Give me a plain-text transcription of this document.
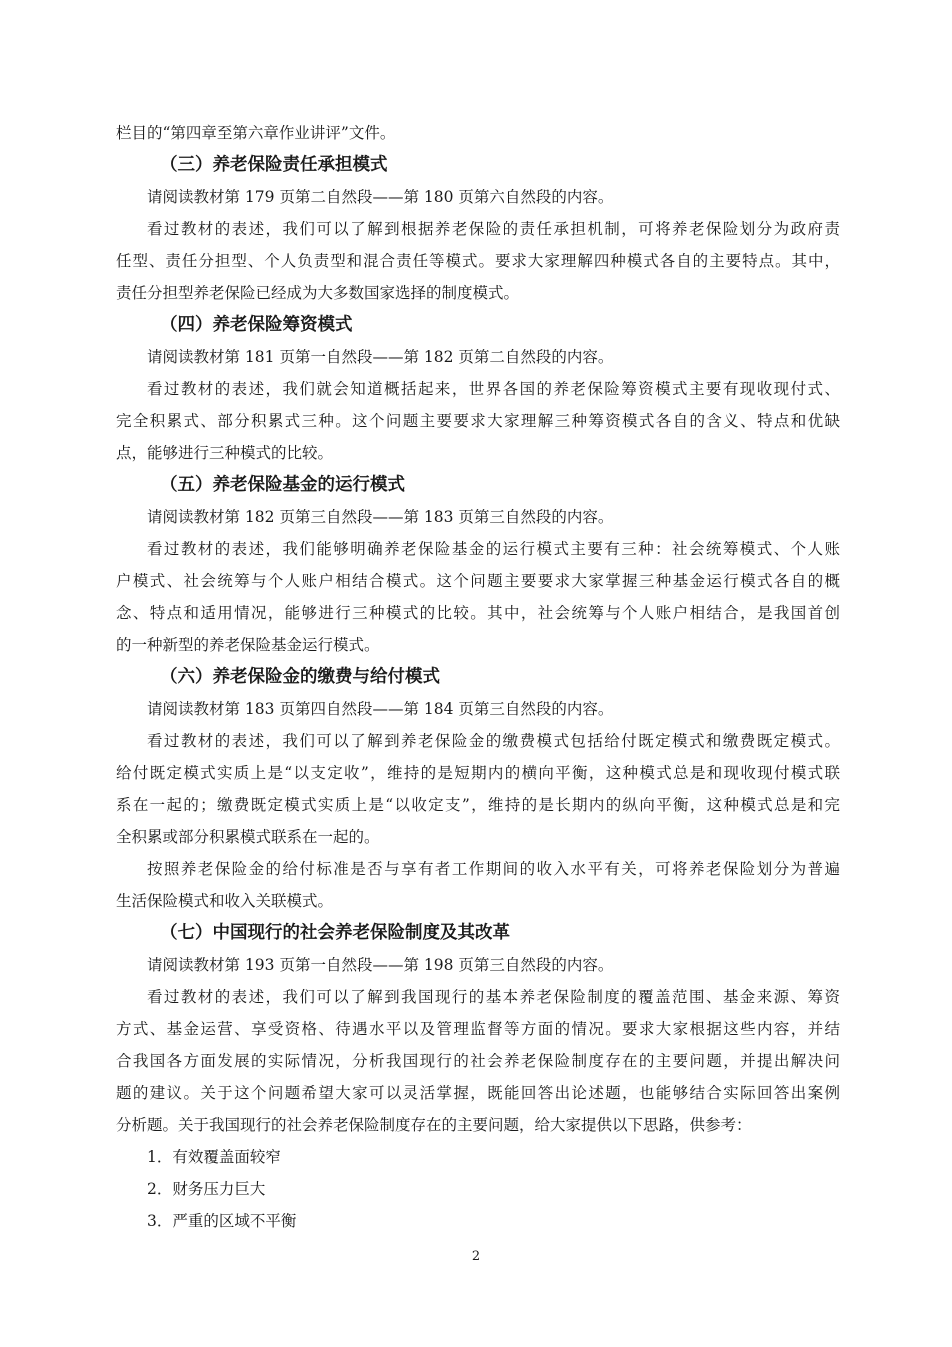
栏目的“第四章至第六章作业讲评”文件。
（三）养老保险责任承担模式
请阅读教材第 179 页第二自然段——第 180 页第六自然段的内容。
看过教材的表述，我们可以了解到根据养老保险的责任承担机制，可将养老保险划分为政府责
任型、责任分担型、个人负责型和混合责任等模式。要求大家理解四种模式各自的主要特点。其中，
责任分担型养老保险已经成为大多数国家选择的制度模式。
（四）养老保险筹资模式
请阅读教材第 181 页第一自然段——第 182 页第二自然段的内容。
看过教材的表述，我们就会知道概括起来，世界各国的养老保险筹资模式主要有现收现付式、
完全积累式、部分积累式三种。这个问题主要要求大家理解三种筹资模式各自的含义、特点和优缺
点，能够进行三种模式的比较。
（五）养老保险基金的运行模式
请阅读教材第 182 页第三自然段——第 183 页第三自然段的内容。
看过教材的表述，我们能够明确养老保险基金的运行模式主要有三种：社会统筹模式、个人账
户模式、社会统筹与个人账户相结合模式。这个问题主要要求大家掌握三种基金运行模式各自的概
念、特点和适用情况，能够进行三种模式的比较。其中，社会统筹与个人账户相结合，是我国首创
的一种新型的养老保险基金运行模式。
（六）养老保险金的缴费与给付模式
请阅读教材第 183 页第四自然段——第 184 页第三自然段的内容。
看过教材的表述，我们可以了解到养老保险金的缴费模式包括给付既定模式和缴费既定模式。
给付既定模式实质上是“以支定收”，维持的是短期内的横向平衡，这种模式总是和现收现付模式联
系在一起的；缴费既定模式实质上是“以收定支”，维持的是长期内的纵向平衡，这种模式总是和完
全积累或部分积累模式联系在一起的。
按照养老保险金的给付标准是否与享有者工作期间的收入水平有关，可将养老保险划分为普遍
生活保险模式和收入关联模式。
（七）中国现行的社会养老保险制度及其改革
请阅读教材第 193 页第一自然段——第 198 页第三自然段的内容。
看过教材的表述，我们可以了解到我国现行的基本养老保险制度的覆盖范围、基金来源、筹资
方式、基金运营、享受资格、待遇水平以及管理监督等方面的情况。要求大家根据这些内容，并结
合我国各方面发展的实际情况，分析我国现行的社会养老保险制度存在的主要问题，并提出解决问
题的建议。关于这个问题希望大家可以灵活掌握，既能回答出论述题，也能够结合实际回答出案例
分析题。关于我国现行的社会养老保险制度存在的主要问题，给大家提供以下思路，供参考：
1．有效覆盖面较窄
2．财务压力巨大
3．严重的区域不平衡
2
